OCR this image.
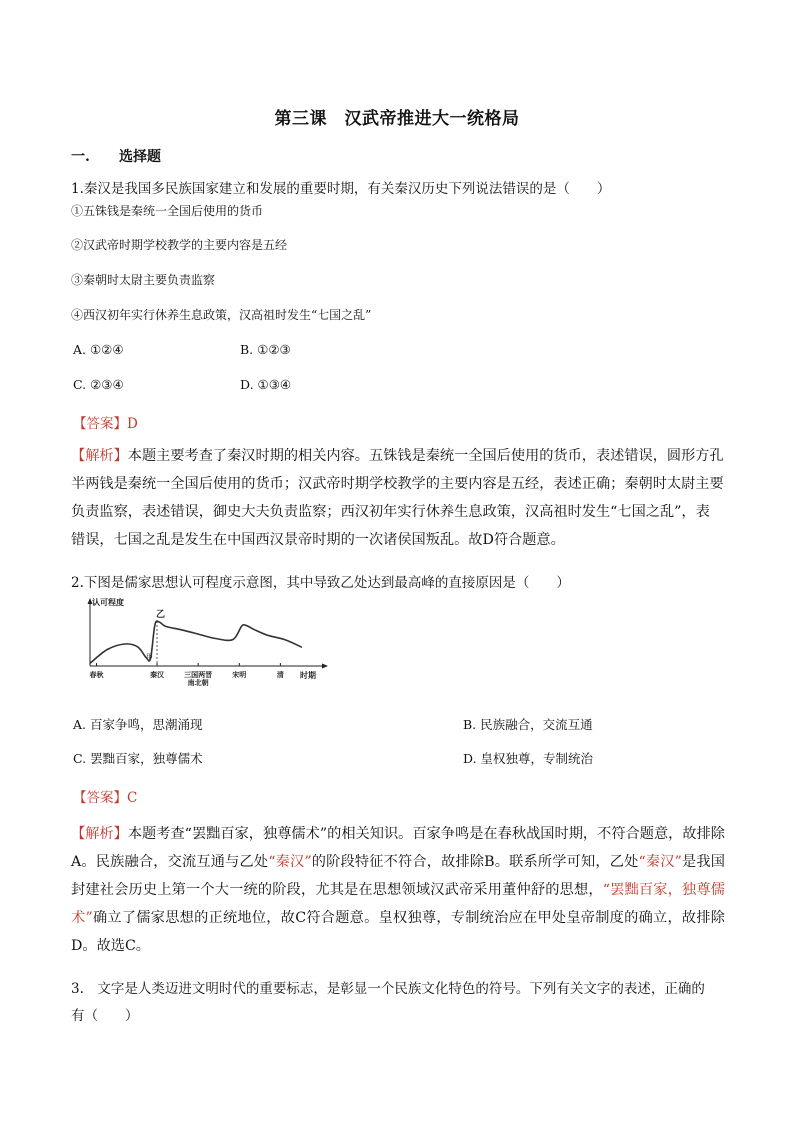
第三课　汉武帝推进大一统格局
一. 选择题
1.秦汉是我国多民族国家建立和发展的重要时期，有关秦汉历史下列说法错误的是（　　）
①五铢钱是秦统一全国后使用的货币
②汉武帝时期学校教学的主要内容是五经
③秦朝时太尉主要负责监察
④西汉初年实行休养生息政策，汉高祖时发生“七国之乱”
A. ①②④	B. ①②③
C. ②③④	D. ①③④
【答案】D
【解析】本题主要考查了秦汉时期的相关内容。五铢钱是秦统一全国后使用的货币，表述错误，圆形方孔
半两钱是秦统一全国后使用的货币；汉武帝时期学校教学的主要内容是五经，表述正确；秦朝时太尉主要
负责监察，表述错误，御史大夫负责监察；西汉初年实行休养生息政策，汉高祖时发生“七国之乱”，表
错误，七国之乱是发生在中国西汉景帝时期的一次诸侯国叛乱。故D符合题意。
2.下图是儒家思想认可程度示意图，其中导致乙处达到最高峰的直接原因是（　　）
认可程度
时期
春秋	秦汉	三国两晋
南北朝
宋明	清
甲
乙
A. 百家争鸣，思潮涌现	B. 民族融合，交流互通
C. 罢黜百家，独尊儒术	D. 皇权独尊，专制统治
【答案】C
【解析】本题考查“罢黜百家，独尊儒术”的相关知识。百家争鸣是在春秋战国时期，不符合题意，故排除A。民族融合，交流互通与乙处“秦汉”的阶段特征不符合，故排除B。联系所学可知，乙处“秦汉”是我国封建社会历史上第一个大一统的阶段，尤其是在思想领域汉武帝采用董仲舒的思想，“罢黜百家，独尊儒术”确立了儒家思想的正统地位，故C符合题意。皇权独尊，专制统治应在甲处皇帝制度的确立，故排除D。故选C。
3.　文字是人类迈进文明时代的重要标志，是彰显一个民族文化特色的符号。下列有关文字的表述，正确的
有（　　）
